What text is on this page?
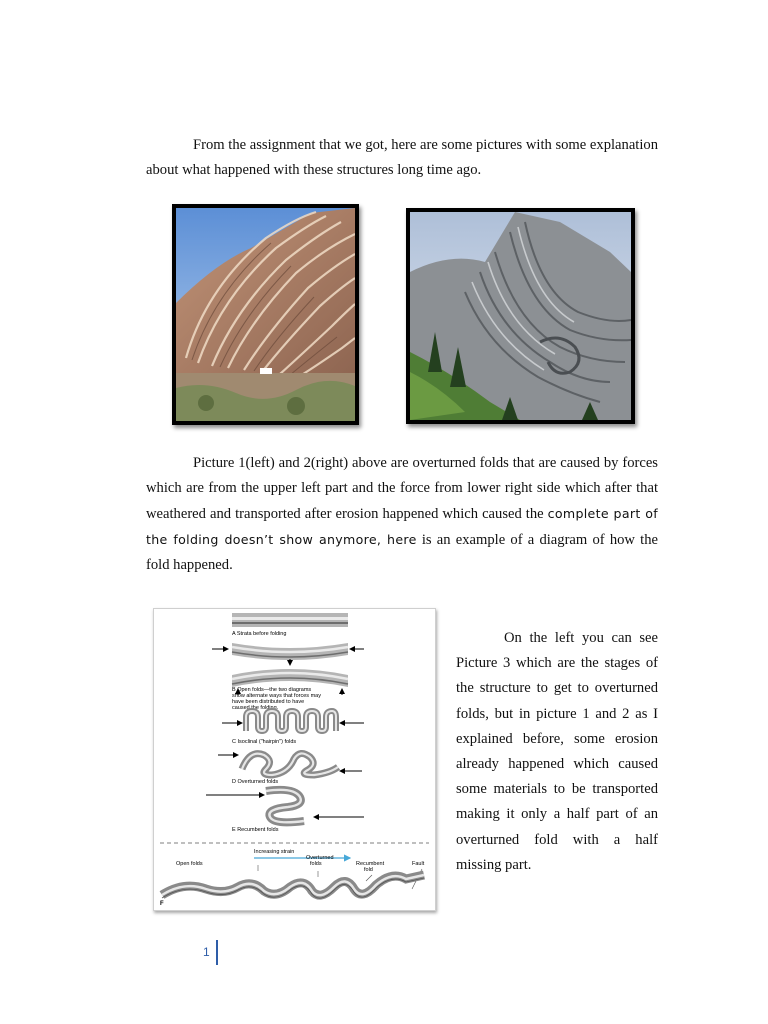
From the assignment that we got, here are some pictures with some explanation about what happened with these structures long time ago.

Picture 1(left) and 2(right) above are overturned folds that are caused by forces which are from the upper left part and the force from lower right side which after that weathered and transported after erosion happened which caused the complete part of the folding doesn’t show anymore, here is an example of a diagram of how the fold happened.

A Strata before folding
B Open folds—the two diagrams
show alternate ways that forces may
have been distributed to have
caused the folding.
C Isoclinal ("hairpin") folds
D Overturned folds
E Recumbent folds
Increasing strain
Open folds
Overturned
folds	Recumbent
fold
Fault
F

On the left you can see Picture 3 which are the stages of the structure to get to overturned folds, but in picture 1 and 2 as I explained before, some erosion already happened which caused some materials to be transported making it only a half part of an overturned fold with a half missing part.

1
